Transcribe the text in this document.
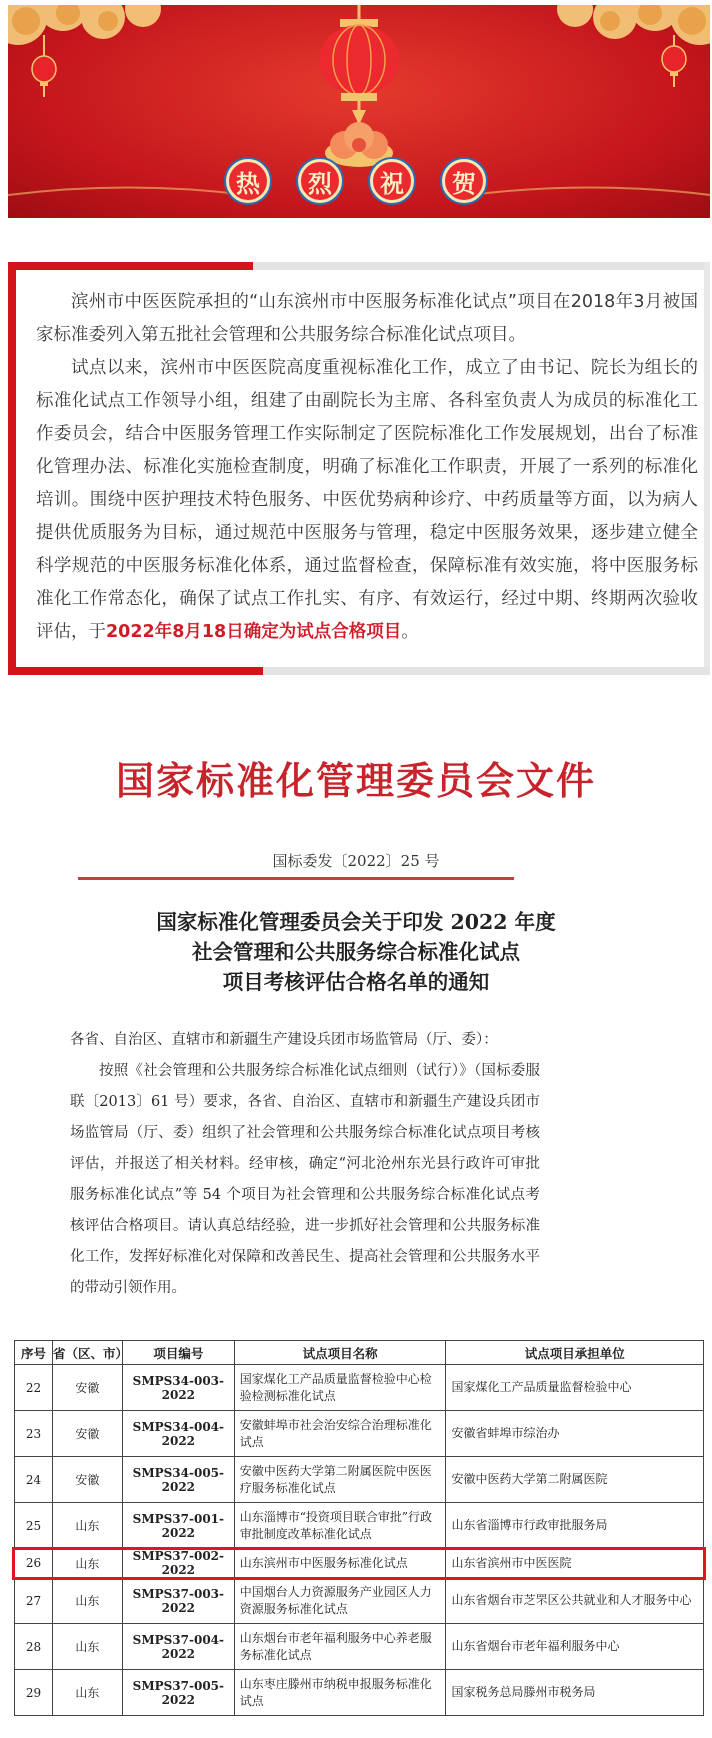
热 烈 祝 贺

滨州市中医医院承担的“山东滨州市中医服务标准化试点”项目在2018年3月被国家标准委列入第五批社会管理和公共服务综合标准化试点项目。

试点以来，滨州市中医医院高度重视标准化工作，成立了由书记、院长为组长的标准化试点工作领导小组，组建了由副院长为主席、各科室负责人为成员的标准化工作委员会，结合中医服务管理工作实际制定了医院标准化工作发展规划，出台了标准化管理办法、标准化实施检查制度，明确了标准化工作职责，开展了一系列的标准化培训。围绕中医护理技术特色服务、中医优势病种诊疗、中药质量等方面，以为病人提供优质服务为目标，通过规范中医服务与管理，稳定中医服务效果，逐步建立健全科学规范的中医服务标准化体系，通过监督检查，保障标准有效实施，将中医服务标准化工作常态化，确保了试点工作扎实、有序、有效运行，经过中期、终期两次验收评估，于2022年8月18日确定为试点合格项目。

国家标准化管理委员会文件
国标委发〔2022〕25 号
国家标准化管理委员会关于印发 2022 年度
社会管理和公共服务综合标准化试点
项目考核评估合格名单的通知

各省、自治区、直辖市和新疆生产建设兵团市场监管局（厅、委）：

按照《社会管理和公共服务综合标准化试点细则（试行）》（国标委服联〔2013〕61 号）要求，各省、自治区、直辖市和新疆生产建设兵团市场监管局（厅、委）组织了社会管理和公共服务综合标准化试点项目考核评估，并报送了相关材料。经审核，确定“河北沧州东光县行政许可审批服务标准化试点”等 54 个项目为社会管理和公共服务综合标准化试点考核评估合格项目。请认真总结经验，进一步抓好社会管理和公共服务标准化工作，发挥好标准化对保障和改善民生、提高社会管理和公共服务水平的带动引领作用。

序号	省（区、市）	项目编号	试点项目名称	试点项目承担单位
22	安徽	SMPS34-003-2022	国家煤化工产品质量监督检验中心检验检测标准化试点	国家煤化工产品质量监督检验中心
23	安徽	SMPS34-004-2022	安徽蚌埠市社会治安综合治理标准化试点	安徽省蚌埠市综治办
24	安徽	SMPS34-005-2022	安徽中医药大学第二附属医院中医医疗服务标准化试点	安徽中医药大学第二附属医院
25	山东	SMPS37-001-2022	山东淄博市“投资项目联合审批”行政审批制度改革标准化试点	山东省淄博市行政审批服务局
26	山东	SMPS37-002-2022	山东滨州市中医服务标准化试点	山东省滨州市中医医院
27	山东	SMPS37-003-2022	中国烟台人力资源服务产业园区人力资源服务标准化试点	山东省烟台市芝罘区公共就业和人才服务中心
28	山东	SMPS37-004-2022	山东烟台市老年福利服务中心养老服务标准化试点	山东省烟台市老年福利服务中心
29	山东	SMPS37-005-2022	山东枣庄滕州市纳税申报服务标准化试点	国家税务总局滕州市税务局
